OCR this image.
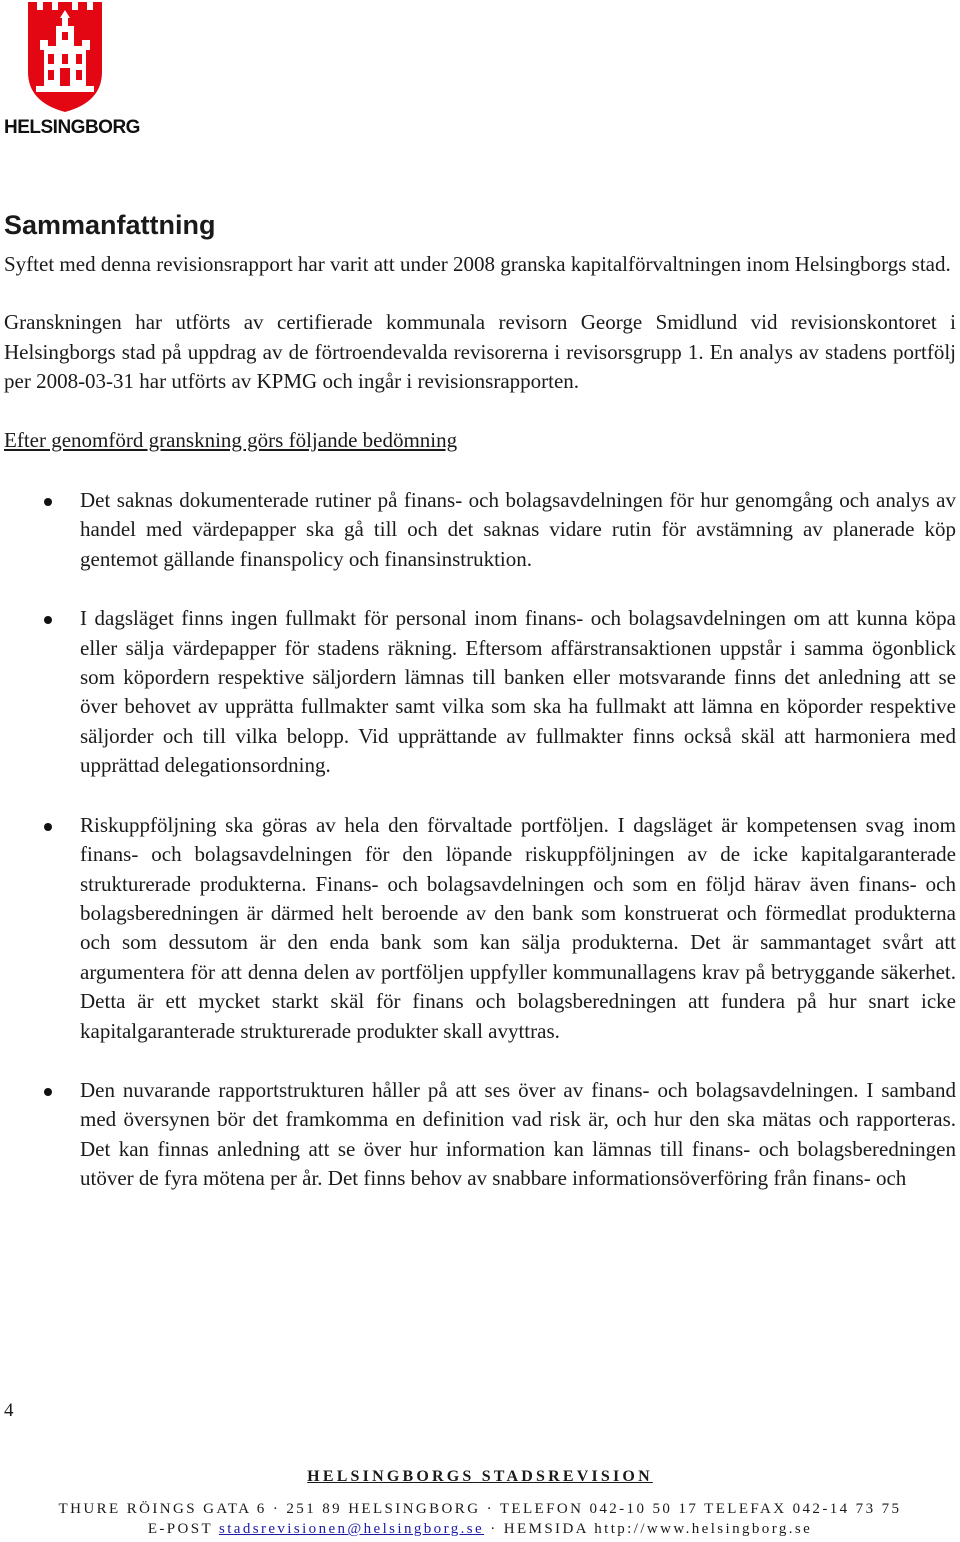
HELSINGBORG
Sammanfattning

Syftet med denna revisionsrapport har varit att under 2008 granska kapitalförvaltningen inom Helsingborgs stad.

Granskningen har utförts av certifierade kommunala revisorn George Smidlund vid revisionskontoret i Helsingborgs stad på uppdrag av de förtroendevalda revisorerna i revisorsgrupp 1. En analys av stadens portfölj per 2008-03-31 har utförts av KPMG och ingår i revisionsrapporten.

Efter genomförd granskning görs följande bedömning

Det saknas dokumenterade rutiner på finans- och bolagsavdelningen för hur genomgång och analys av handel med värdepapper ska gå till och det saknas vidare rutin för avstämning av planerade köp gentemot gällande finanspolicy och finansinstruktion.

I dagsläget finns ingen fullmakt för personal inom finans- och bolagsavdelningen om att kunna köpa eller sälja värdepapper för stadens räkning. Eftersom affärstransaktionen uppstår i samma ögonblick som köpordern respektive säljordern lämnas till banken eller motsvarande finns det anledning att se över behovet av upprätta fullmakter samt vilka som ska ha fullmakt att lämna en köporder respektive säljorder och till vilka belopp. Vid upprättande av fullmakter finns också skäl att harmoniera med upprättad delegationsordning.

Riskuppföljning ska göras av hela den förvaltade portföljen. I dagsläget är kompetensen svag inom finans- och bolagsavdelningen för den löpande riskuppföljningen av de icke kapitalgaranterade strukturerade produkterna. Finans- och bolagsavdelningen och som en följd härav även finans- och bolagsberedningen är därmed helt beroende av den bank som konstruerat och förmedlat produkterna och som dessutom är den enda bank som kan sälja produkterna. Det är sammantaget svårt att argumentera för att denna delen av portföljen uppfyller kommunallagens krav på betryggande säkerhet. Detta är ett mycket starkt skäl för finans och bolagsberedningen att fundera på hur snart icke kapitalgaranterade strukturerade produkter skall avyttras.

Den nuvarande rapportstrukturen håller på att ses över av finans- och bolagsavdelningen. I samband med översynen bör det framkomma en definition vad risk är, och hur den ska mätas och rapporteras. Det kan finnas anledning att se över hur information kan lämnas till finans- och bolagsberedningen utöver de fyra mötena per år. Det finns behov av snabbare informationsöverföring från finans- och

4
HELSINGBORGS STADSREVISION
THURE RÖINGS GATA 6 · 251 89 HELSINGBORG · TELEFON 042-10 50 17 TELEFAX 042-14 73 75
E-POST stadsrevisionen@helsingborg.se · HEMSIDA http://www.helsingborg.se
